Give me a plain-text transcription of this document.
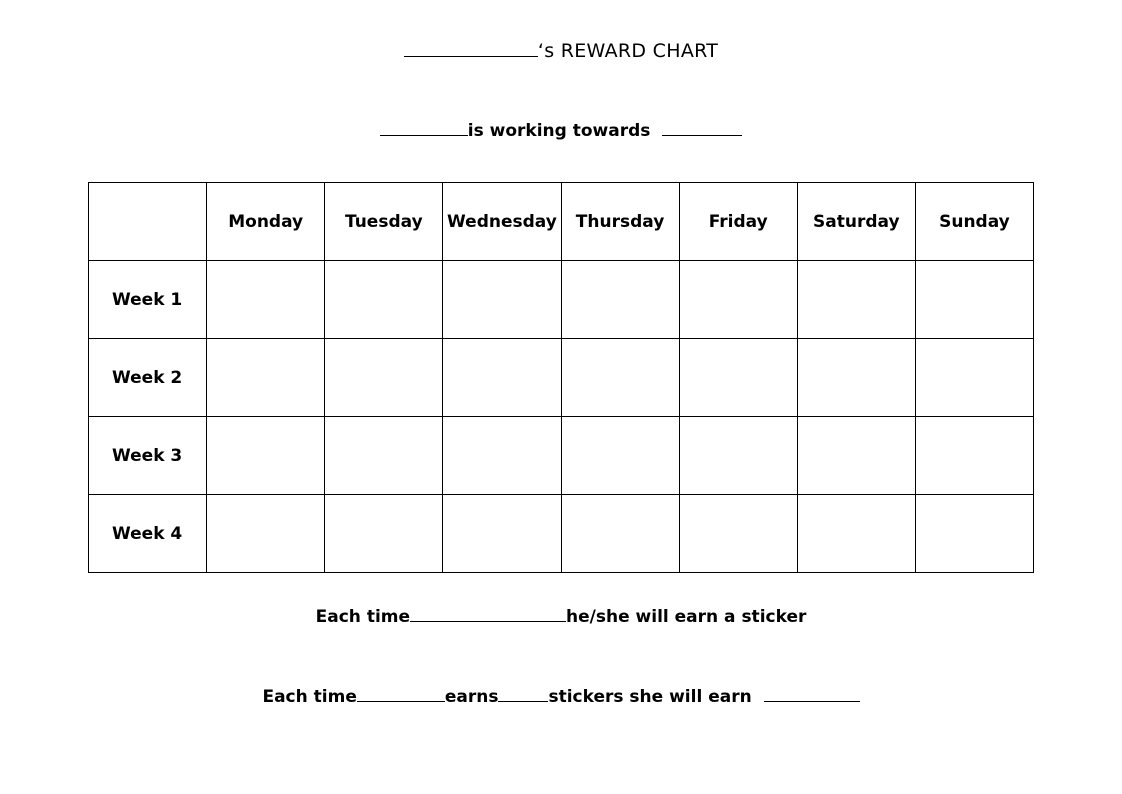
‘s REWARD CHART
is working towards
	Monday	Tuesday	Wednesday	Thursday	Friday	Saturday	Sunday
Week 1							
Week 2							
Week 3							
Week 4							
Each time	he/she will earn a sticker
Each time	earns	stickers she will earn
